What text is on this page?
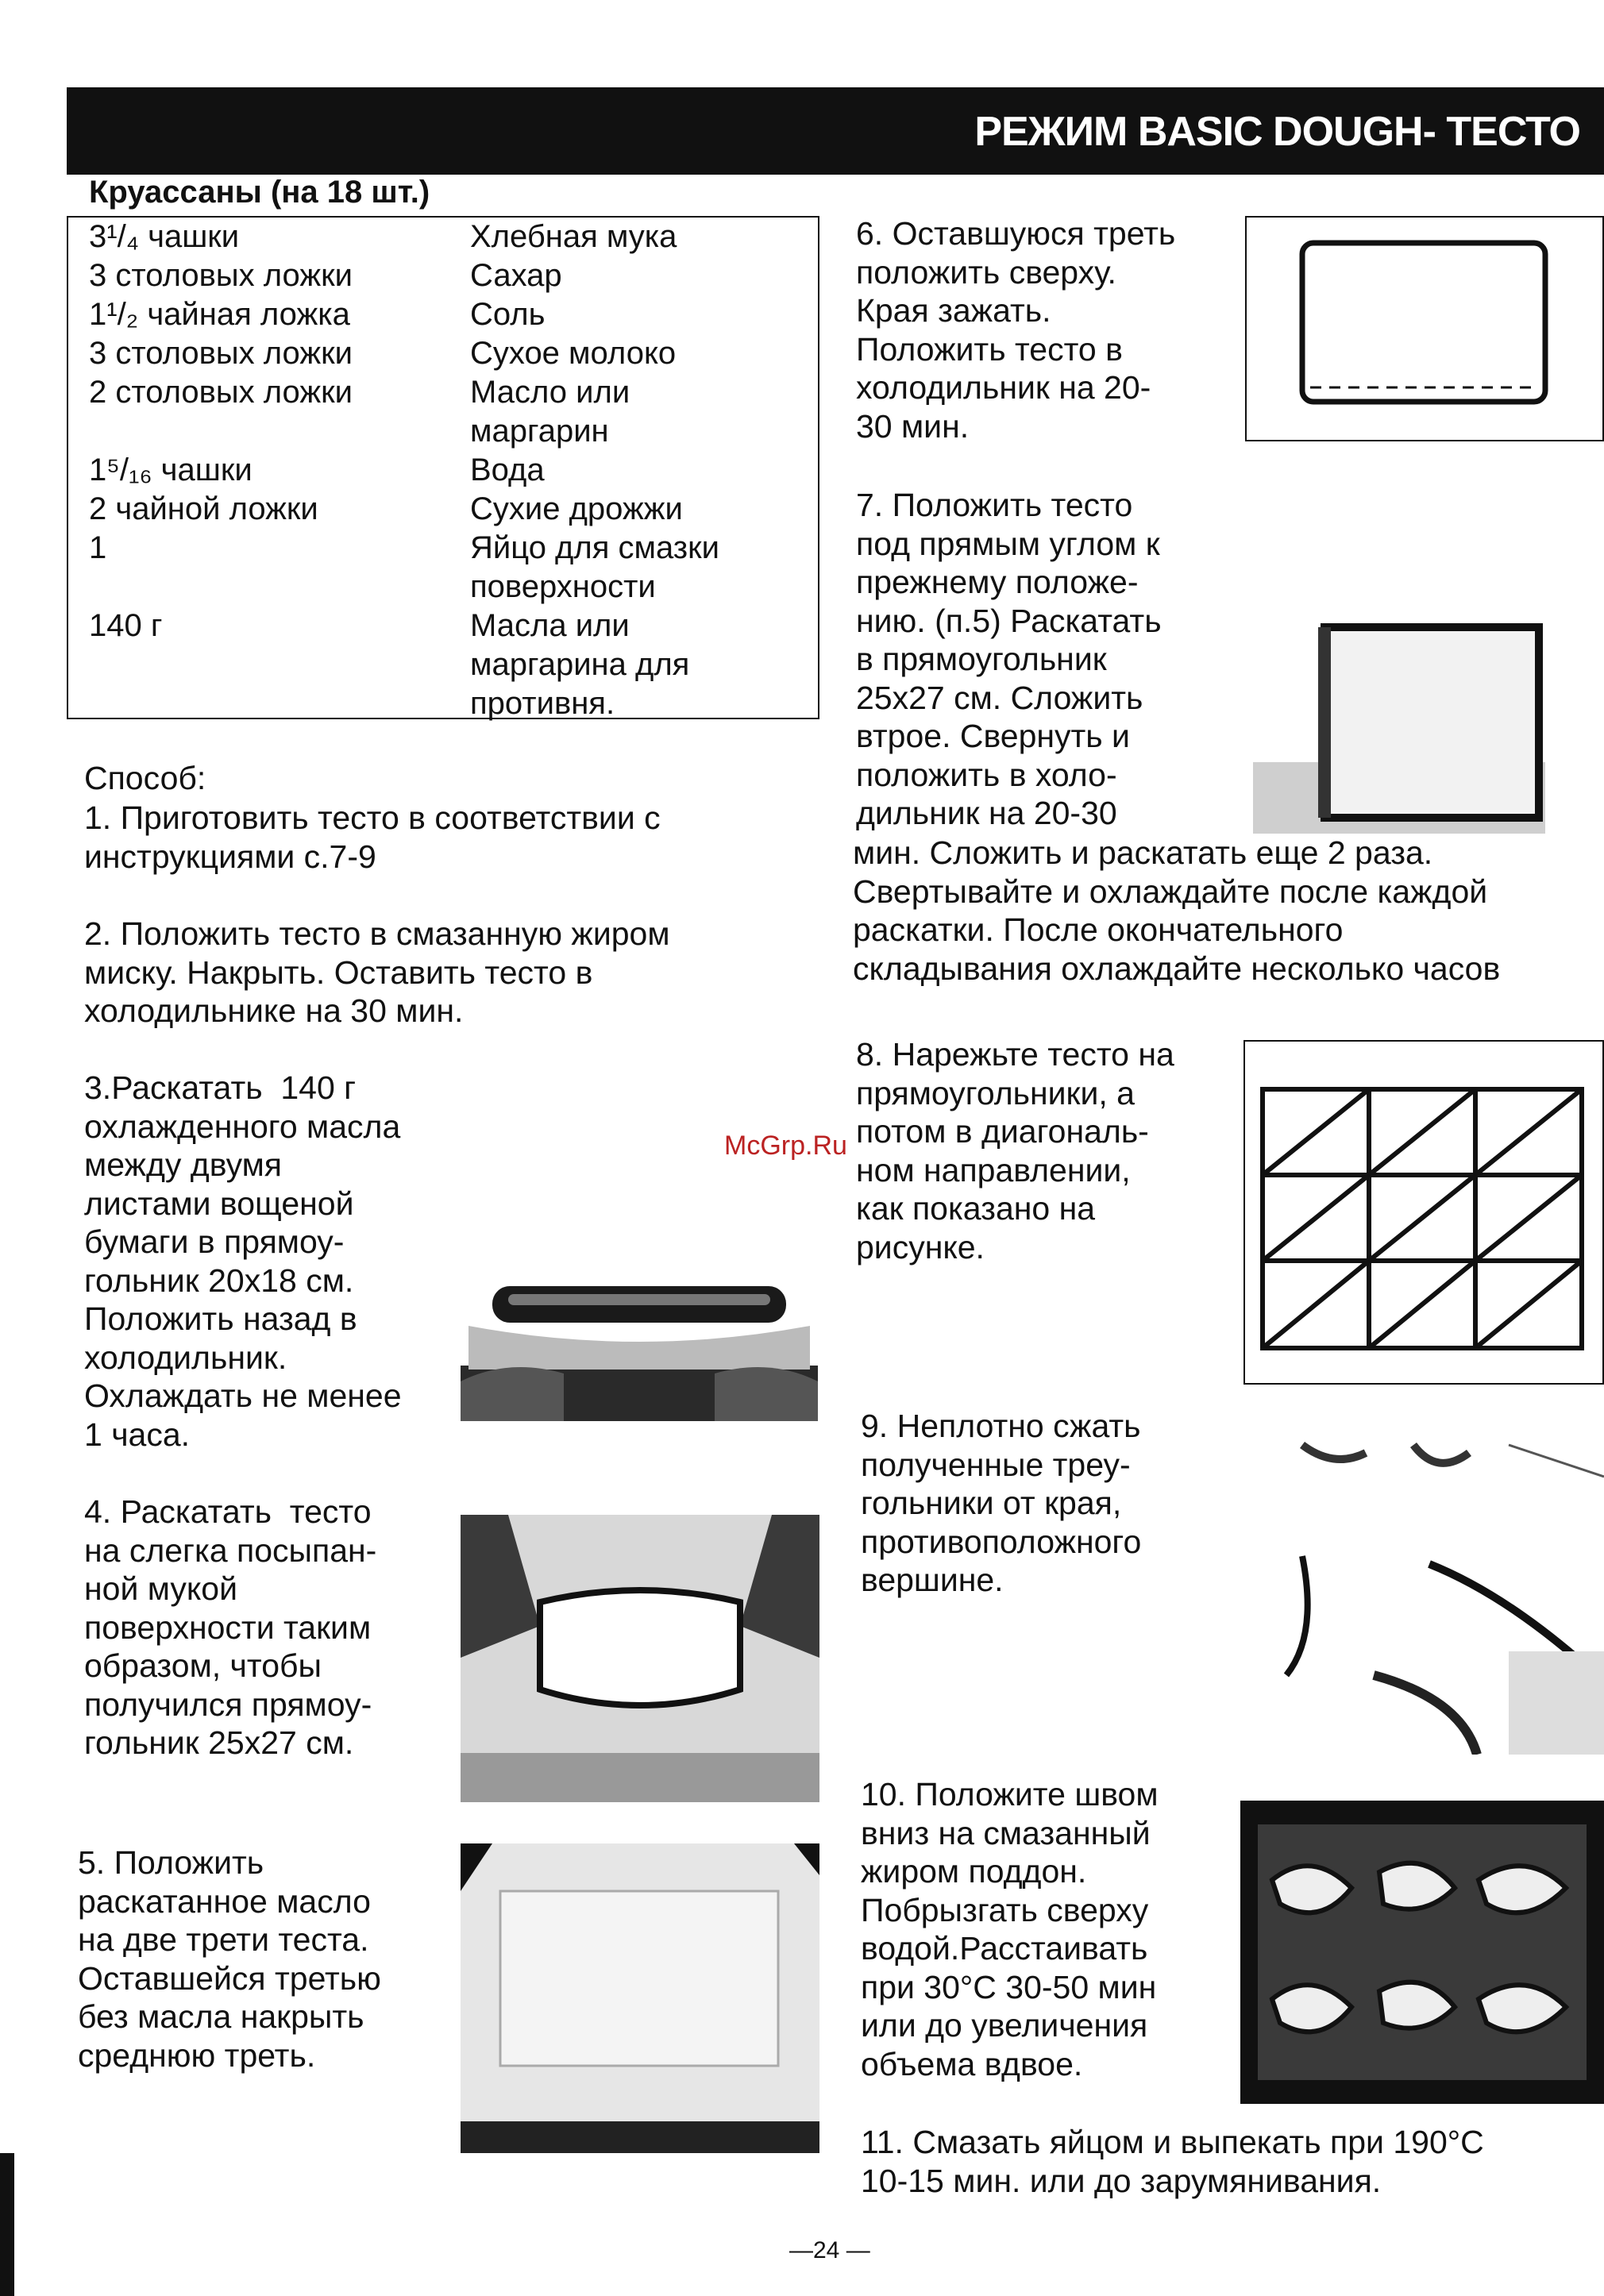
РЕЖИМ BASIC DOUGH- ТЕСТО
Круассаны (на 18 шт.)
3¹/₄ чашки	Хлебная мука
3 столовых ложки	Сахар
1¹/₂ чайная ложка	Соль
3 столовых ложки	Сухое молоко
2 столовых ложки	Масло или
маргарин
1⁵/₁₆ чашки	Вода
2 чайной ложки	Сухие дрожжи
1	Яйцо для смазки
поверхности
140 г	Масла или
маргарина для
противня.
Способ:
1. Приготовить тесто в соответствии с
инструкциями с.7-9
2. Положить тесто в смазанную жиром
миску. Накрыть. Оставить тесто в
холодильнике на 30 мин.
3.Раскатать  140 г
охлажденного масла
между двумя
листами вощеной
бумаги в прямоу-
гольник 20х18 см.
Положить назад в
холодильник.
Охлаждать не менее
1 часа.
4. Раскатать  тесто
на слегка посыпан-
ной мукой
поверхности таким
образом, чтобы
получился прямоу-
гольник 25х27 см.
5. Положить
раскатанное масло
на две трети теста.
Оставшейся третью
без масла накрыть
среднюю треть.
6. Оставшуюся треть
положить сверху.
Края зажать.
Положить тесто в
холодильник на 20-
30 мин.
7. Положить тесто
под прямым углом к
прежнему положе-
нию. (п.5) Раскатать
в прямоугольник
25х27 см. Сложить
втрое. Свернуть и
положить в холо-
дильник на 20-30
мин. Сложить и раскатать еще 2 раза.
Свертывайте и охлаждайте после каждой
раскатки. После окончательного
складывания охлаждайте несколько часов
8. Нарежьте тесто на
прямоугольники, а
потом в диагональ-
ном направлении,
как показано на
рисунке.
9. Неплотно сжать
полученные треу-
гольники от края,
противоположного
вершине.
10. Положите швом
вниз на смазанный
жиром поддон.
Побрызгать сверху
водой.Расстаивать
при 30°С 30-50 мин
или до увеличения
объема вдвое.
11. Смазать яйцом и выпекать при 190°С
10-15 мин. или до зарумянивания.
McGrp.Ru
—24 —
